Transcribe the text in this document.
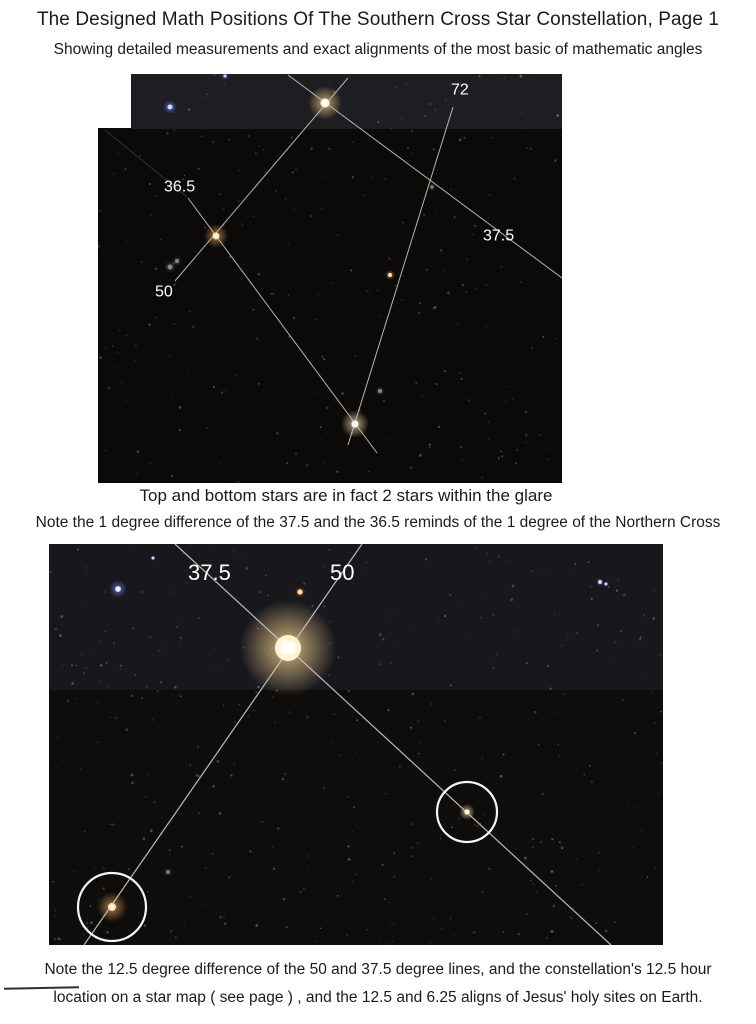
The Designed Math Positions Of The Southern Cross Star Constellation, Page 1
Showing detailed measurements and exact alignments of the most basic of mathematic angles
72
36.5
37.5
50
Top and bottom stars are in fact 2 stars within the glare
Note the 1 degree difference of the 37.5 and the 36.5 reminds of the 1 degree of the Northern Cross
37.5	50
Note the 12.5 degree difference of the 50 and 37.5 degree lines, and the constellation's 12.5 hour
location on a star map ( see page ) , and the 12.5 and 6.25 aligns of Jesus' holy sites on Earth.
